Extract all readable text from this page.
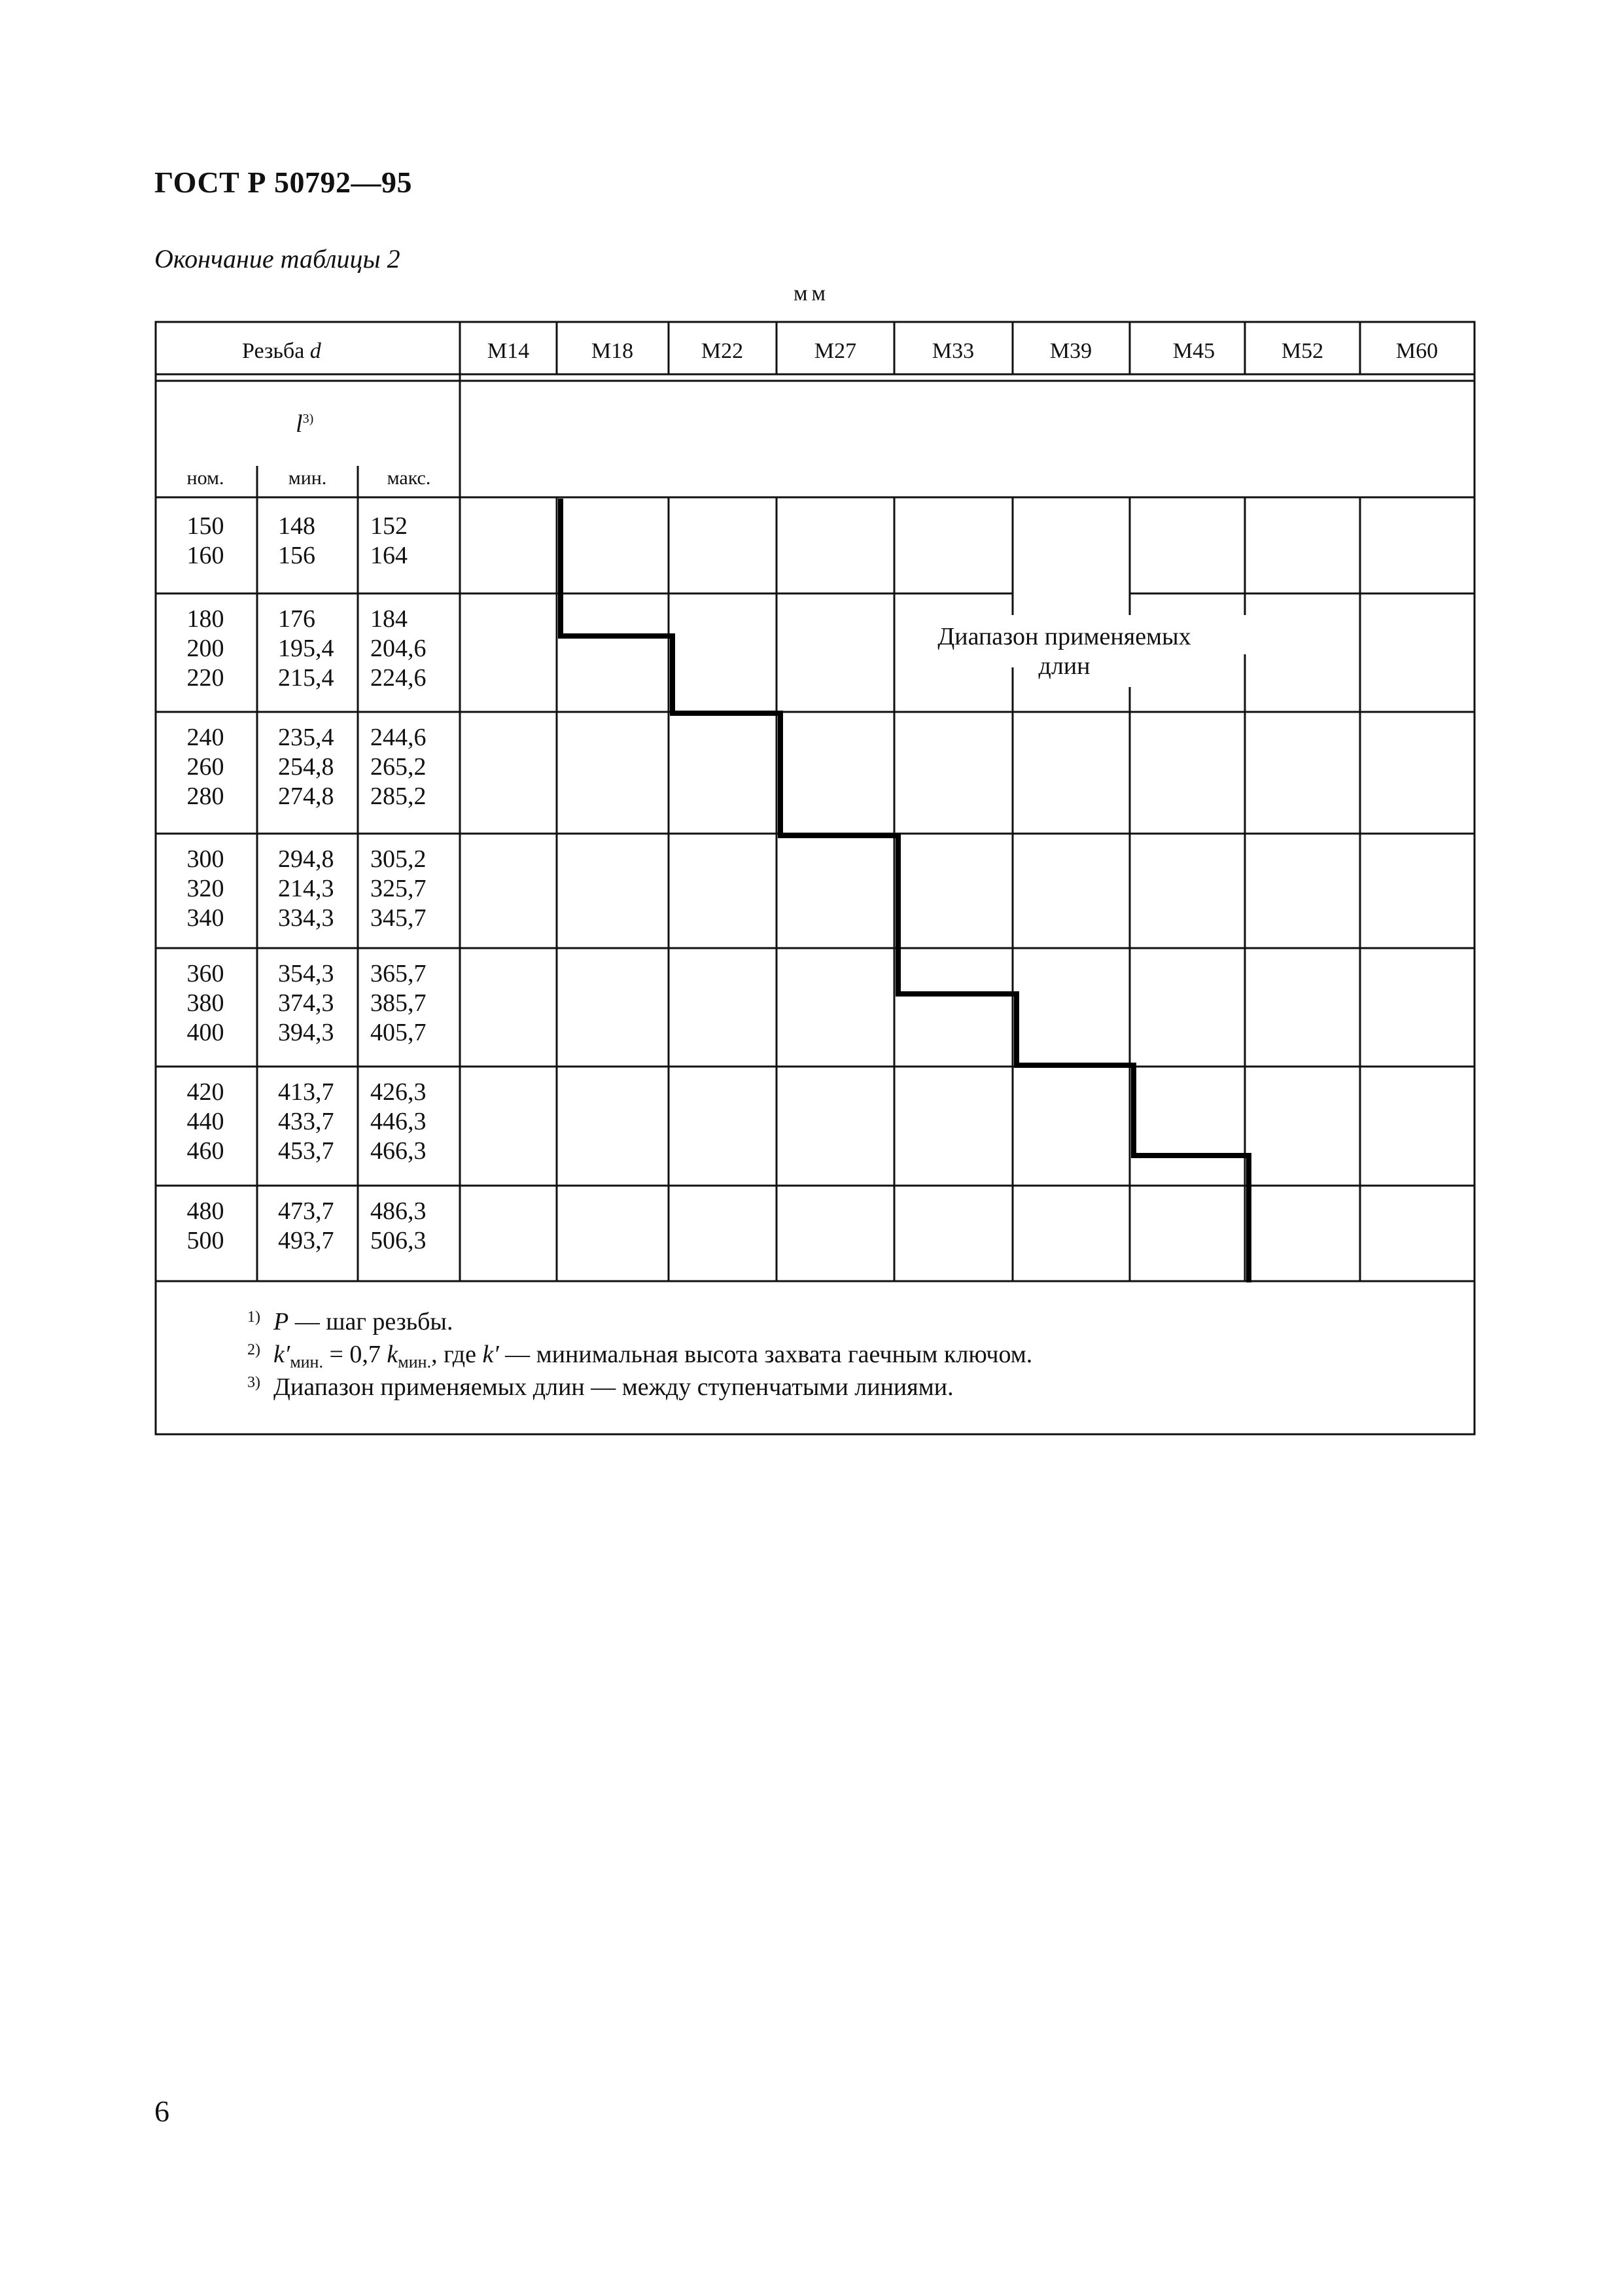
ГОСТ Р 50792—95
Окончание таблицы 2
мм
Резьба d	M14	M18	M22	M27	M33	M39	M45	M52	M60
$l^{3)}$
ном.	мин.	макс.
Диапазон применяемых
длин
150 148 152
160 156 164
180 176 184
200 195,4 204,6
220 215,4 224,6
240 235,4 244,6
260 254,8 265,2
280 274,8 285,2
300 294,8 305,2
320 214,3 325,7
340 334,3 345,7
360 354,3 365,7
380 374,3 385,7
400 394,3 405,7
420 413,7 426,3
440 433,7 446,3
460 453,7 466,3
480 473,7 486,3
500 493,7 506,3
1) P — шаг резьбы.
2) $k'_{мин.} = 0,7$ $k_{мин.}$, где k′ — минимальная высота захвата гаечным ключом.
3) Диапазон применяемых длин — между ступенчатыми линиями.
6
